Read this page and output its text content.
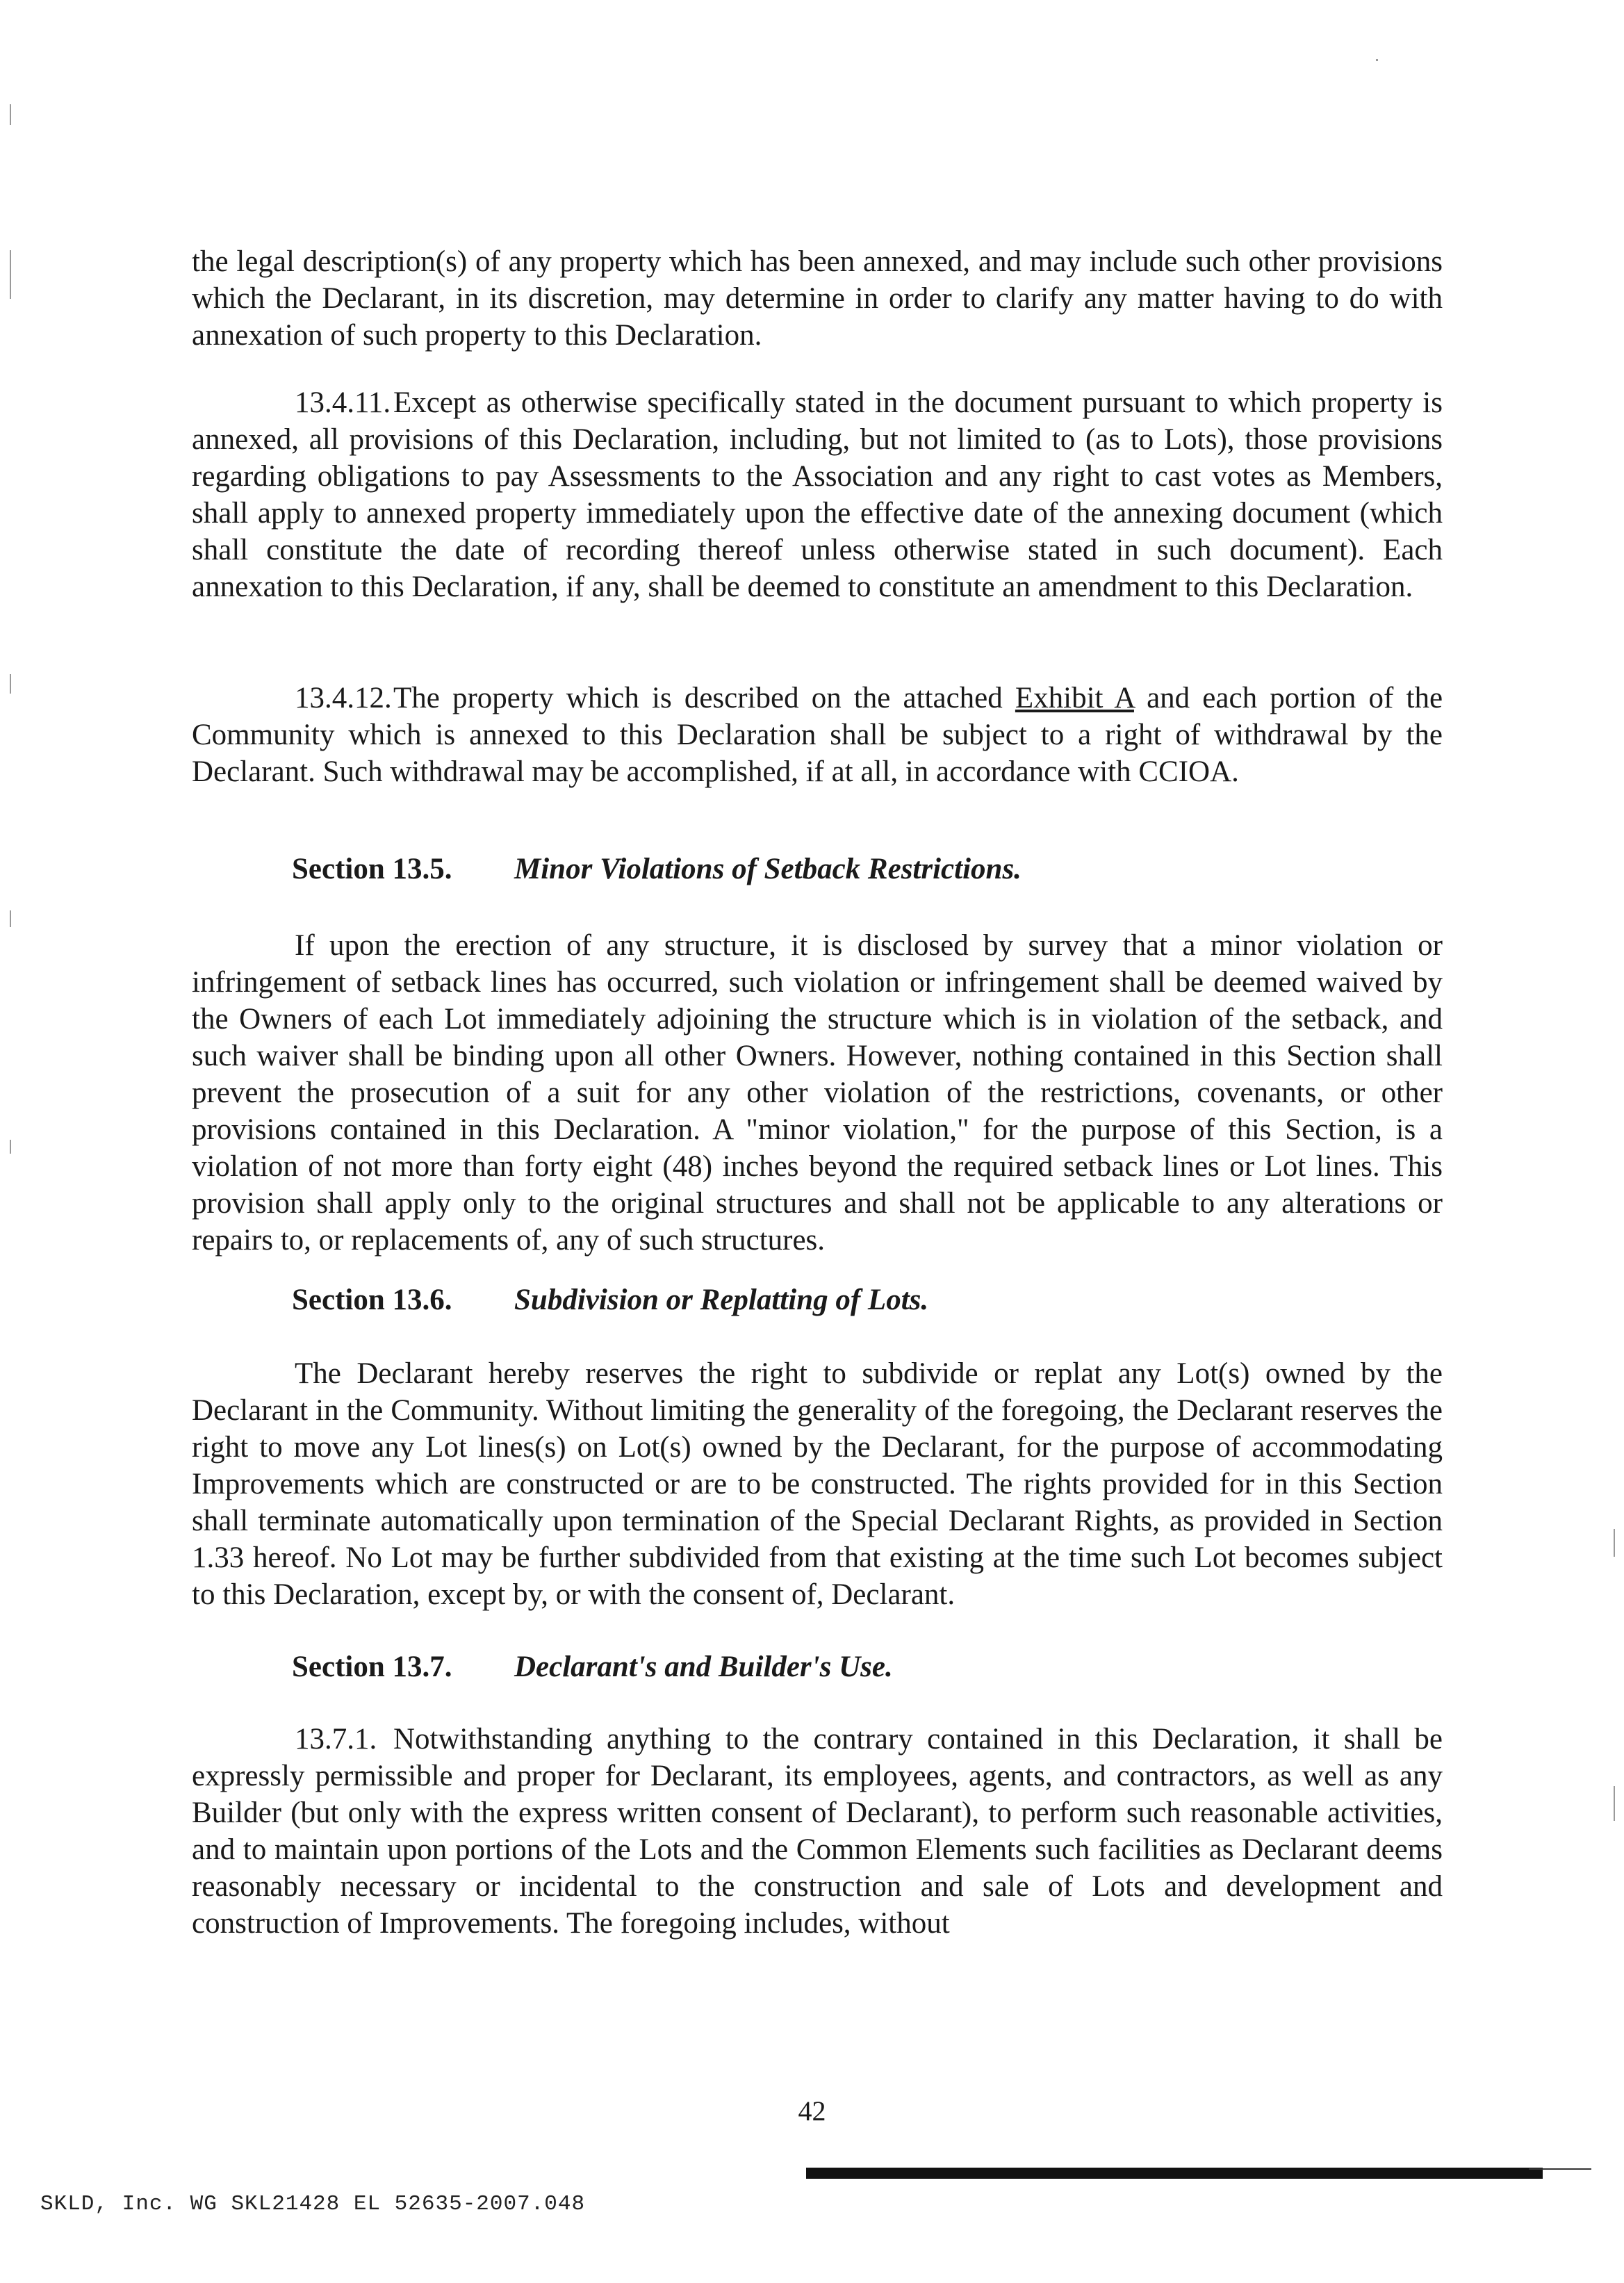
the legal description(s) of any property which has been annexed, and may include such other provisions which the Declarant, in its discretion, may determine in order to clarify any matter having to do with annexation of such property to this Declaration.

13.4.11.Except as otherwise specifically stated in the document pursuant to which property is annexed, all provisions of this Declaration, including, but not limited to (as to Lots), those provisions regarding obligations to pay Assessments to the Association and any right to cast votes as Members, shall apply to annexed property immediately upon the effective date of the annexing document (which shall constitute the date of recording thereof unless otherwise stated in such document). Each annexation to this Declaration, if any, shall be deemed to constitute an amendment to this Declaration.

13.4.12.The property which is described on the attached Exhibit A and each portion of the Community which is annexed to this Declaration shall be subject to a right of withdrawal by the Declarant. Such withdrawal may be accomplished, if at all, in accordance with CCIOA.

Section 13.5. Minor Violations of Setback Restrictions.

If upon the erection of any structure, it is disclosed by survey that a minor violation or infringement of setback lines has occurred, such violation or infringement shall be deemed waived by the Owners of each Lot immediately adjoining the structure which is in violation of the setback, and such waiver shall be binding upon all other Owners. However, nothing contained in this Section shall prevent the prosecution of a suit for any other violation of the restrictions, covenants, or other provisions contained in this Declaration. A "minor violation," for the purpose of this Section, is a violation of not more than forty eight (48) inches beyond the required setback lines or Lot lines. This provision shall apply only to the original structures and shall not be applicable to any alterations or repairs to, or replacements of, any of such structures.

Section 13.6. Subdivision or Replatting of Lots.

The Declarant hereby reserves the right to subdivide or replat any Lot(s) owned by the Declarant in the Community. Without limiting the generality of the foregoing, the Declarant reserves the right to move any Lot lines(s) on Lot(s) owned by the Declarant, for the purpose of accommodating Improvements which are constructed or are to be constructed. The rights provided for in this Section shall terminate automatically upon termination of the Special Declarant Rights, as provided in Section 1.33 hereof. No Lot may be further subdivided from that existing at the time such Lot becomes subject to this Declaration, except by, or with the consent of, Declarant.

Section 13.7. Declarant's and Builder's Use.

13.7.1. Notwithstanding anything to the contrary contained in this Declaration, it shall be expressly permissible and proper for Declarant, its employees, agents, and contractors, as well as any Builder (but only with the express written consent of Declarant), to perform such reasonable activities, and to maintain upon portions of the Lots and the Common Elements such facilities as Declarant deems reasonably necessary or incidental to the construction and sale of Lots and development and construction of Improvements. The foregoing includes, without

42
SKLD, Inc. WG SKL21428 EL 52635-2007.048
